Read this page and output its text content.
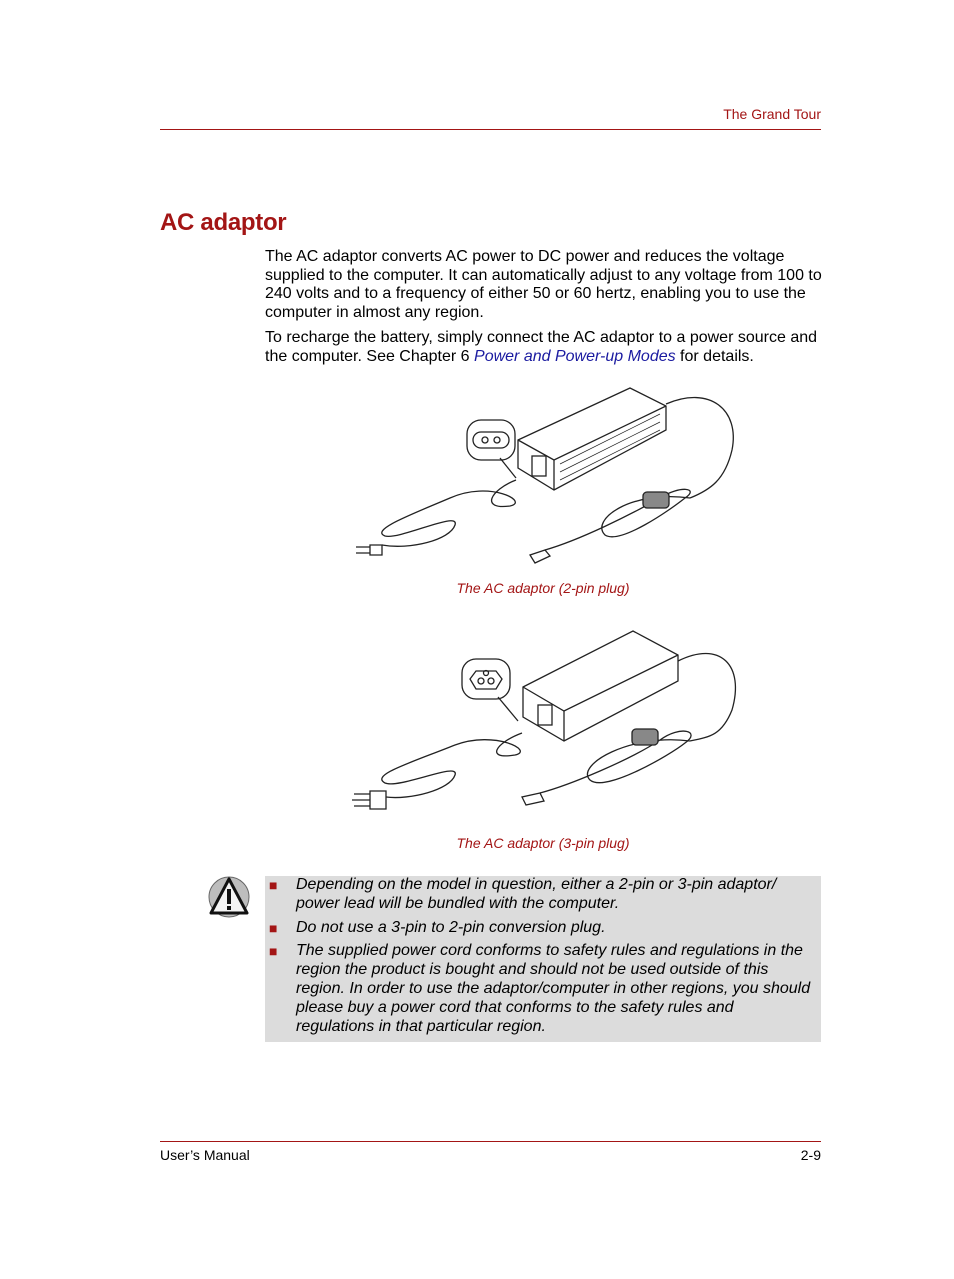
The Grand Tour
AC adaptor

The AC adaptor converts AC power to DC power and reduces the voltage supplied to the computer. It can automatically adjust to any voltage from 100 to 240 volts and to a frequency of either 50 or 60 hertz, enabling you to use the computer in almost any region.

To recharge the battery, simply connect the AC adaptor to a power source and the computer. See Chapter 6 Power and Power-up Modes for details.

The AC adaptor (2-pin plug)
The AC adaptor (3-pin plug)
■ Depending on the model in question, either a 2-pin or 3-pin adaptor/ power lead will be bundled with the computer.
■ Do not use a 3-pin to 2-pin conversion plug.
■ The supplied power cord conforms to safety rules and regulations in the region the product is bought and should not be used outside of this region. In order to use the adaptor/computer in other regions, you should please buy a power cord that conforms to the safety rules and regulations in that particular region.
User’s Manual	2-9
